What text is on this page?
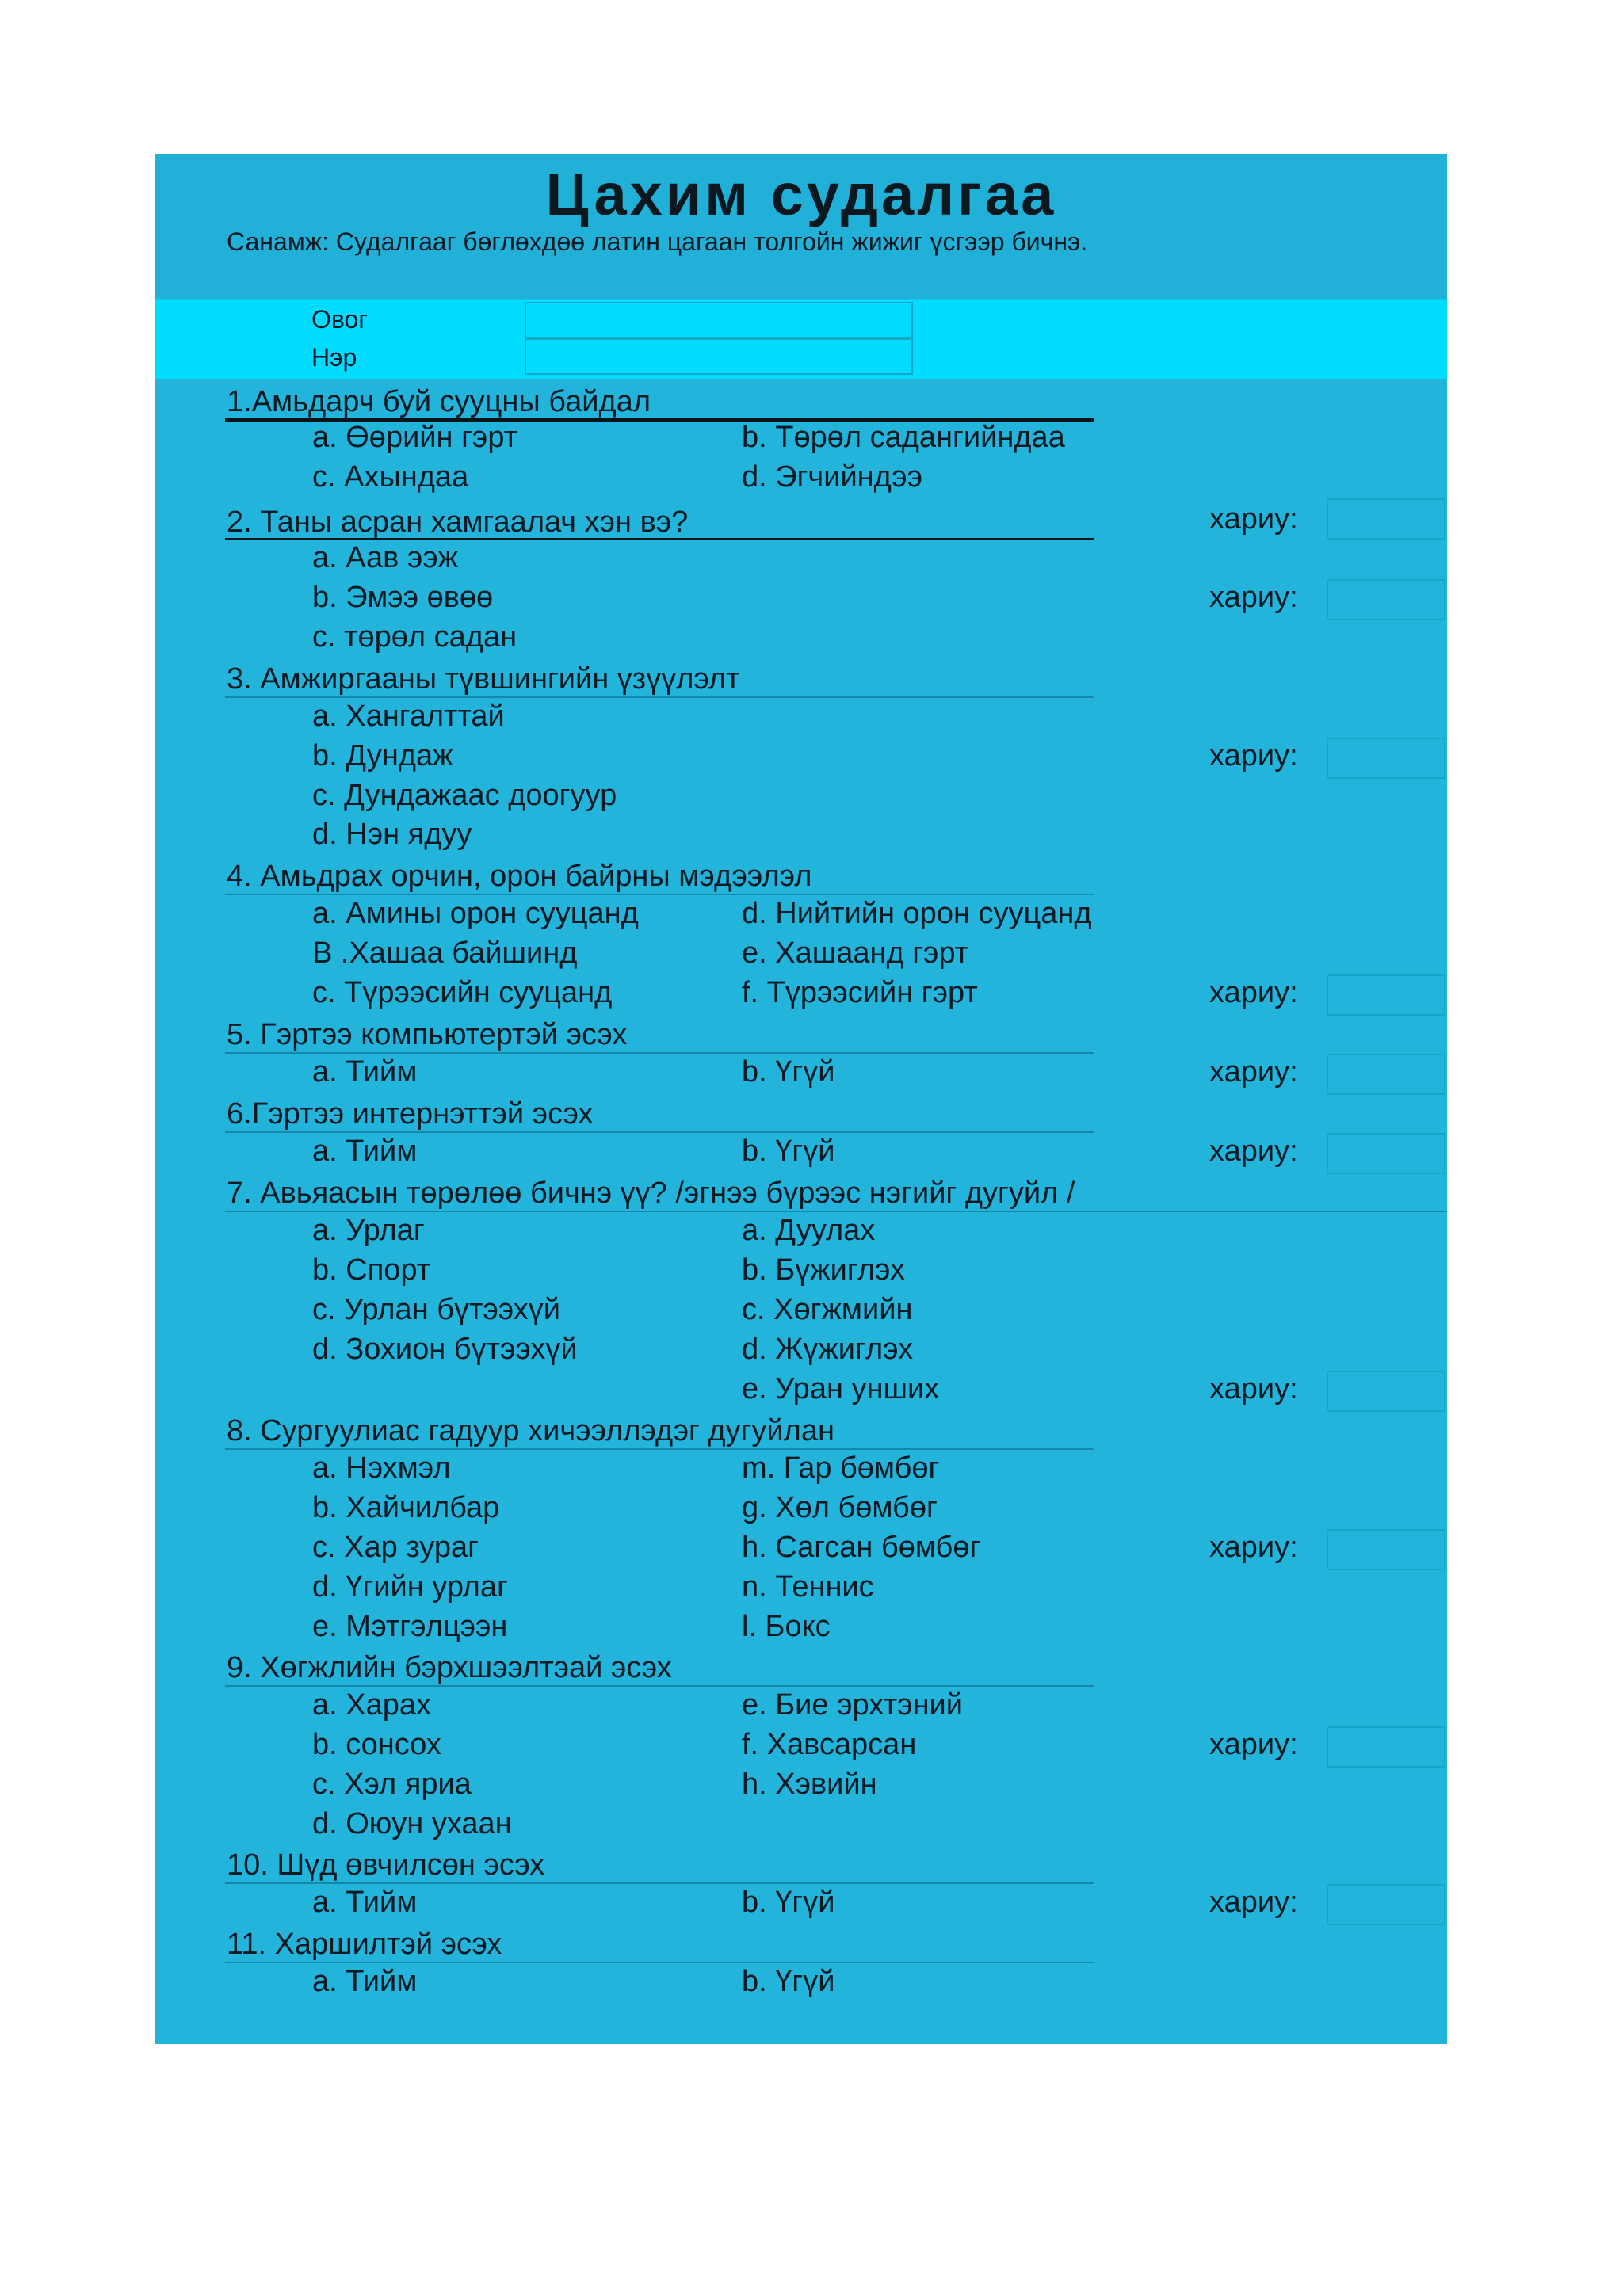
Цахим судалгаа
Санамж: Судалгааг бөглөхдөө латин цагаан толгойн жижиг үсгээр бичнэ.
Овог
Нэр
1.Амьдарч буй сууцны байдал
a. Өөрийн гэрт	b. Төрөл садангийндаа
c. Ахындаа	d. Эгчийндээ
2. Таны асран хамгаалач хэн вэ?	хариу:
a. Аав ээж
b. Эмээ өвөө	хариу:
c. төрөл садан
3. Амжиргааны түвшингийн үзүүлэлт
a. Хангалттай
b. Дундаж	хариу:
c. Дундажаас доогуур
d. Нэн ядуу
4. Амьдрах орчин, орон байрны мэдээлэл
a. Амины орон сууцанд	d. Нийтийн орон сууцанд
В .Хашаа байшинд	e. Хашаанд гэрт
c. Түрээсийн сууцанд	f. Түрээсийн гэрт	хариу:
5. Гэртээ компьютертэй эсэх
a. Тийм	b. Үгүй	хариу:
6.Гэртээ интернэттэй эсэх
a. Тийм	b. Үгүй	хариу:
7. Авьяасын төрөлөө бичнэ үү? /эгнээ бүрээс нэгийг дугуйл /
a. Урлаг	a. Дуулах
b. Спорт	b. Бүжиглэх
c. Урлан бүтээхүй	c. Хөгжмийн
d. Зохион бүтээхүй	d. Жүжиглэх
e. Уран унших	хариу:
8. Сургуулиас гадуур хичээллэдэг дугуйлан
a. Нэхмэл	m. Гар бөмбөг
b. Хайчилбар	g. Хөл бөмбөг
c. Хар зураг	h. Сагсан бөмбөг	хариу:
d. Үгийн урлаг	n. Теннис
e. Мэтгэлцээн	l. Бокс
9. Хөгжлийн бэрхшээлтэай эсэх
a. Харах	e. Бие эрхтэний
b. сонсох	f. Хавсарсан	хариу:
c. Хэл яриа	h. Хэвийн
d. Оюун ухаан
10. Шүд өвчилсөн эсэх
a. Тийм	b. Үгүй	хариу:
11. Харшилтэй эсэх
a. Тийм	b. Үгүй
